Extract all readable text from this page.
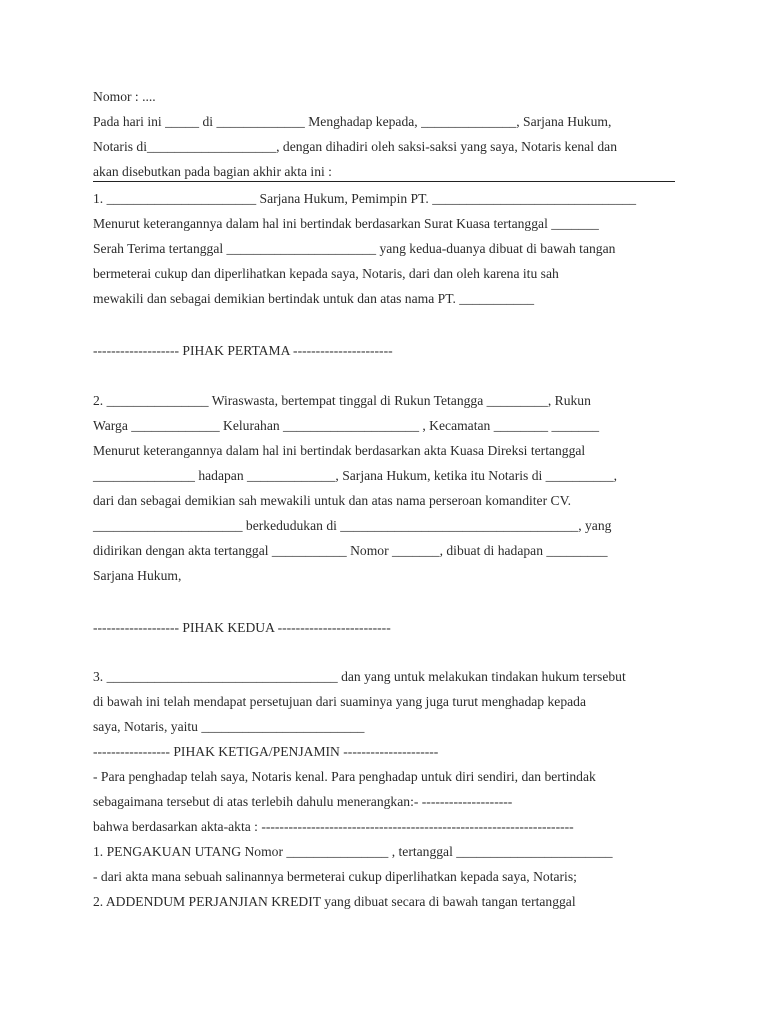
Nomor : ....
Pada hari ini _____ di _____________ Menghadap kepada, ______________, Sarjana Hukum,
Notaris di___________________, dengan dihadiri oleh saksi-saksi yang saya, Notaris kenal dan
akan disebutkan pada bagian akhir akta ini :
1. ______________________ Sarjana Hukum, Pemimpin PT. ______________________________
Menurut keterangannya dalam hal ini bertindak berdasarkan Surat Kuasa tertanggal _______
Serah Terima tertanggal ______________________ yang kedua-duanya dibuat di bawah tangan
bermeterai cukup dan diperlihatkan kepada saya, Notaris, dari dan oleh karena itu sah
mewakili dan sebagai demikian bertindak untuk dan atas nama PT. ___________
------------------- PIHAK PERTAMA ----------------------
2. _______________ Wiraswasta, bertempat tinggal di Rukun Tetangga _________, Rukun
Warga _____________ Kelurahan ____________________ , Kecamatan ________ _______
Menurut keterangannya dalam hal ini bertindak berdasarkan akta Kuasa Direksi tertanggal
_______________ hadapan _____________, Sarjana Hukum, ketika itu Notaris di __________,
dari dan sebagai demikian sah mewakili untuk dan atas nama perseroan komanditer CV.
______________________ berkedudukan di ___________________________________, yang
didirikan dengan akta tertanggal ___________ Nomor _______, dibuat di hadapan _________
Sarjana Hukum,
------------------- PIHAK KEDUA -------------------------
3. __________________________________ dan yang untuk melakukan tindakan hukum tersebut
di bawah ini telah mendapat persetujuan dari suaminya yang juga turut menghadap kepada
saya, Notaris, yaitu ________________________
----------------- PIHAK KETIGA/PENJAMIN ---------------------
- Para penghadap telah saya, Notaris kenal. Para penghadap untuk diri sendiri, dan bertindak
sebagaimana tersebut di atas terlebih dahulu menerangkan:- --------------------
bahwa berdasarkan akta-akta : ---------------------------------------------------------------------
1. PENGAKUAN UTANG Nomor _______________ , tertanggal _______________________
- dari akta mana sebuah salinannya bermeterai cukup diperlihatkan kepada saya, Notaris;
2. ADDENDUM PERJANJIAN KREDIT yang dibuat secara di bawah tangan tertanggal
